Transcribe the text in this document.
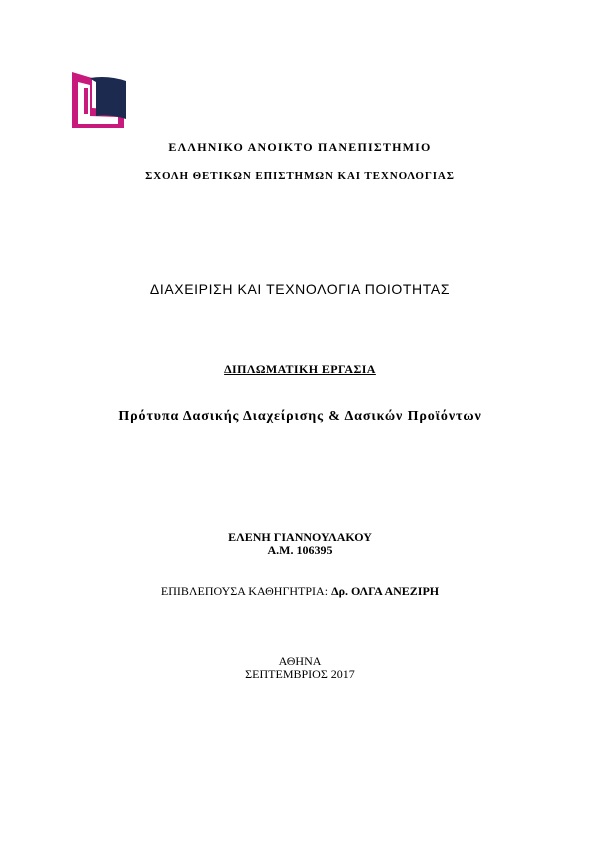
ΕΛΛΗΝΙΚΟ ΑΝΟΙΚΤΟ ΠΑΝΕΠΙΣΤΗΜΙΟ
ΣΧΟΛΗ ΘΕΤΙΚΩΝ ΕΠΙΣΤΗΜΩΝ ΚΑΙ ΤΕΧΝΟΛΟΓΙΑΣ
ΔΙΑΧΕΙΡΙΣΗ ΚΑΙ ΤΕΧΝΟΛΟΓΙΑ ΠΟΙΟΤΗΤΑΣ
ΔΙΠΛΩΜΑΤΙΚΗ ΕΡΓΑΣΙΑ
Πρότυπα Δασικής Διαχείρισης & Δασικών Προϊόντων
ΕΛΕΝΗ ΓΙΑΝΝΟΥΛΑΚΟΥ
Α.Μ. 106395
ΕΠΙΒΛΕΠΟΥΣΑ ΚΑΘΗΓΗΤΡΙΑ: Δρ. ΟΛΓΑ ΑΝΕΖΙΡΗ
ΑΘΗΝΑ
ΣΕΠΤΕΜΒΡΙΟΣ 2017
